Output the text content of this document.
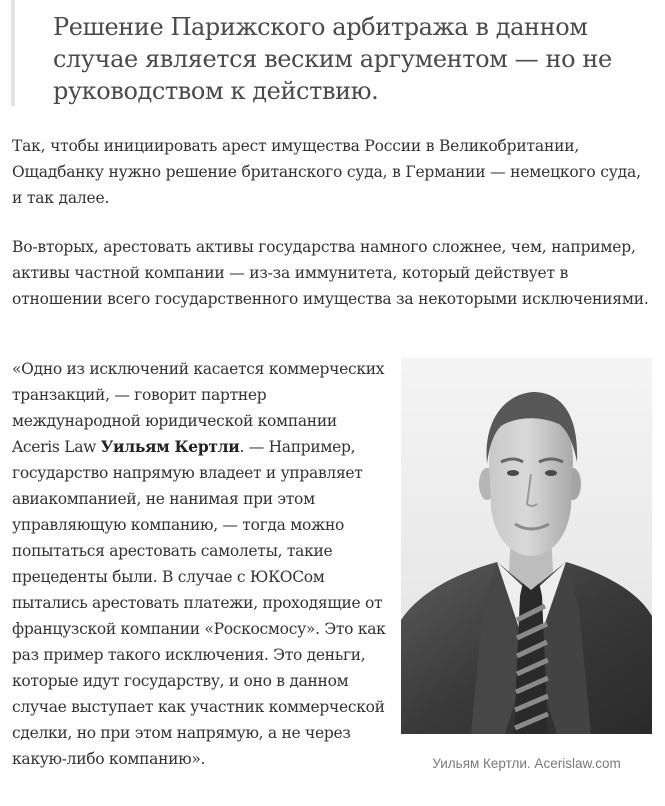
Решение Парижского арбитража в данном случае является веским аргументом — но не руководством к действию.

Так, чтобы инициировать арест имущества России в Великобритании, Ощадбанку нужно решение британского суда, в Германии — немецкого суда, и так далее.

Во-вторых, арестовать активы государства намного сложнее, чем, например, активы частной компании — из-за иммунитета, который действует в отношении всего государственного имущества за некоторыми исключениями.

«Одно из исключений касается коммерческих транзакций, — говорит партнер международной юридической компании Aceris Law Уильям Кертли. — Например, государство напрямую владеет и управляет авиакомпанией, не нанимая при этом управляющую компанию, — тогда можно попытаться арестовать самолеты, такие прецеденты были. В случае с ЮКОСом пытались арестовать платежи, проходящие от французской компании «Роскосмосу». Это как раз пример такого исключения. Это деньги, которые идут государству, и оно в данном случае выступает как участник коммерческой сделки, но при этом напрямую, а не через какую-либо компанию».	Уильям Кертли. Acerislaw.com
